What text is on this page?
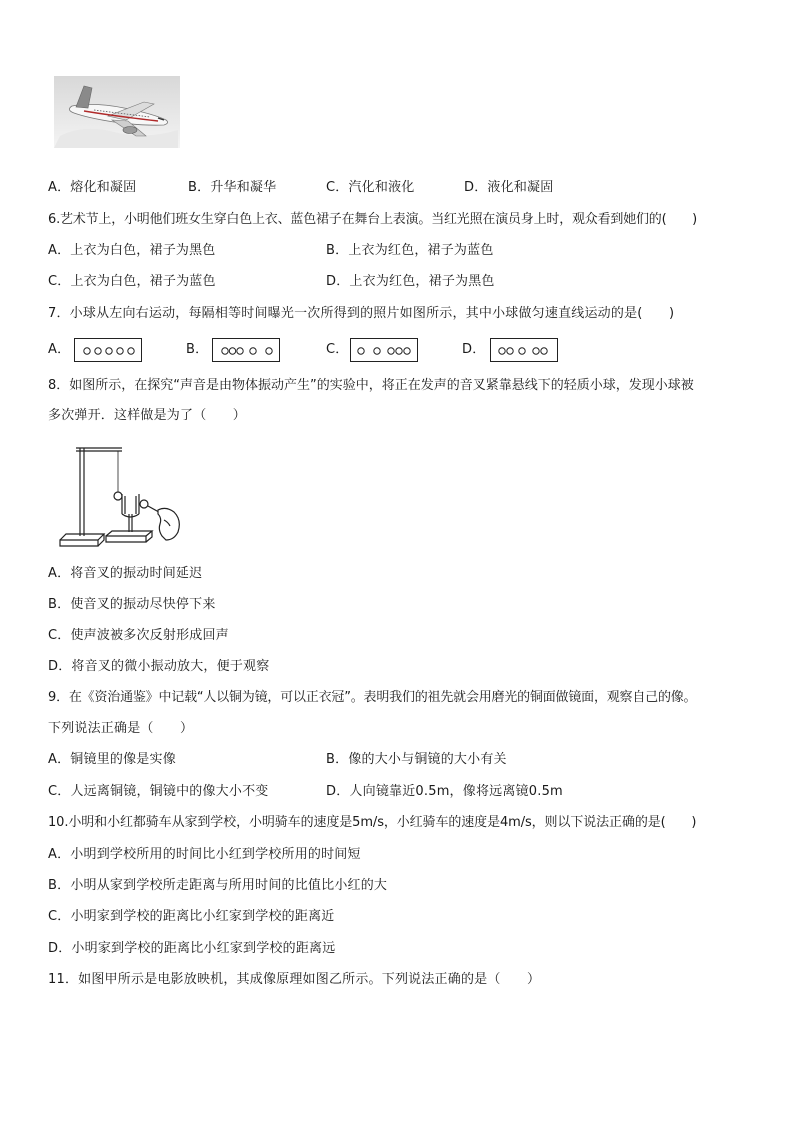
A．熔化和凝固	B．升华和凝华	C．汽化和液化	D．液化和凝固
6.艺术节上，小明他们班女生穿白色上衣、蓝色裙子在舞台上表演。当红光照在演员身上时，观众看到她们的(　　)
A．上衣为白色，裙子为黑色	B．上衣为红色，裙子为蓝色
C．上衣为白色，裙子为蓝色	D．上衣为红色，裙子为黑色
7．小球从左向右运动，每隔相等时间曝光一次所得到的照片如图所示，其中小球做匀速直线运动的是(　　)
A．	B．	C．	D．
8．如图所示，在探究“声音是由物体振动产生”的实验中，将正在发声的音叉紧靠悬线下的轻质小球，发现小球被
多次弹开．这样做是为了（　　）
A．将音叉的振动时间延迟
B．使音叉的振动尽快停下来
C．使声波被多次反射形成回声
D．将音叉的微小振动放大，便于观察
9．在《资治通鉴》中记载“人以铜为镜，可以正衣冠”。表明我们的祖先就会用磨光的铜面做镜面，观察自己的像。
下列说法正确是（　　）
A．铜镜里的像是实像	B．像的大小与铜镜的大小有关
C．人远离铜镜，铜镜中的像大小不变	D．人向镜靠近0.5m，像将远离镜0.5m
10.小明和小红都骑车从家到学校，小明骑车的速度是5m/s，小红骑车的速度是4m/s，则以下说法正确的是(　　)
A．小明到学校所用的时间比小红到学校所用的时间短
B．小明从家到学校所走距离与所用时间的比值比小红的大
C．小明家到学校的距离比小红家到学校的距离近
D．小明家到学校的距离比小红家到学校的距离远
11．如图甲所示是电影放映机，其成像原理如图乙所示。下列说法正确的是（　　）
